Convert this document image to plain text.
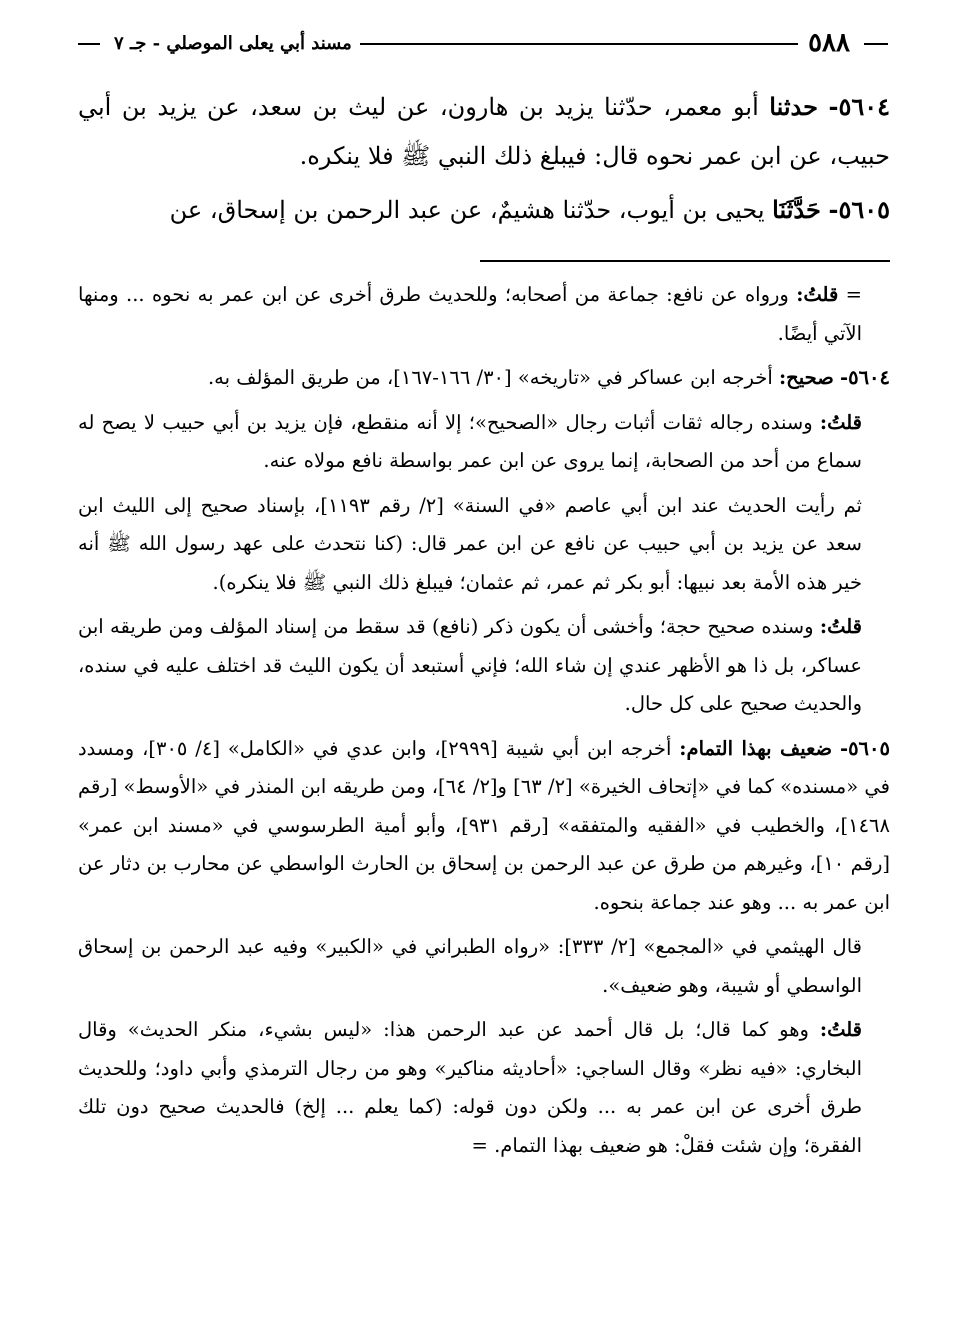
٥٨٨
مسند أبي يعلى الموصلي - جـ ٧

٥٦٠٤- حدثنا أبو معمر، حدّثنا يزيد بن هارون، عن ليث بن سعد، عن يزيد بن أبي حبيب، عن ابن عمر نحوه قال: فيبلغ ذلك النبي ﷺ فلا ينكره.

٥٦٠٥- حَدَّثَنَا يحيى بن أيوب، حدّثنا هشيمٌ، عن عبد الرحمن بن إسحاق، عن

= قلتُ: ورواه عن نافع: جماعة من أصحابه؛ وللحديث طرق أخرى عن ابن عمر به نحوه ... ومنها الآتي أيضًا.

٥٦٠٤- صحيح: أخرجه ابن عساكر في «تاريخه» [٣٠/ ١٦٦-١٦٧]، من طريق المؤلف به.

قلتُ: وسنده رجاله ثقات أثبات رجال «الصحيح»؛ إلا أنه منقطع، فإن يزيد بن أبي حبيب لا يصح له سماع من أحد من الصحابة، إنما يروى عن ابن عمر بواسطة نافع مولاه عنه.

ثم رأيت الحديث عند ابن أبي عاصم «في السنة» [٢/ رقم ١١٩٣]، بإسناد صحيح إلى الليث ابن سعد عن يزيد بن أبي حبيب عن نافع عن ابن عمر قال: (كنا نتحدث على عهد رسول الله ﷺ أنه خير هذه الأمة بعد نبيها: أبو بكر ثم عمر، ثم عثمان؛ فيبلغ ذلك النبي ﷺ فلا ينكره).

قلتُ: وسنده صحيح حجة؛ وأخشى أن يكون ذكر (نافع) قد سقط من إسناد المؤلف ومن طريقه ابن عساكر، بل ذا هو الأظهر عندي إن شاء الله؛ فإني أستبعد أن يكون الليث قد اختلف عليه في سنده، والحديث صحيح على كل حال.

٥٦٠٥- ضعيف بهذا التمام: أخرجه ابن أبي شيبة [٢٩٩٩]، وابن عدي في «الكامل» [٤/ ٣٠٥]، ومسدد في «مسنده» كما في «إتحاف الخيرة» [٢/ ٦٣] و[٢/ ٦٤]، ومن طريقه ابن المنذر في «الأوسط» [رقم ١٤٦٨]، والخطيب في «الفقيه والمتفقه» [رقم ٩٣١]، وأبو أمية الطرسوسي في «مسند ابن عمر» [رقم ١٠]، وغيرهم من طرق عن عبد الرحمن بن إسحاق بن الحارث الواسطي عن محارب بن دثار عن ابن عمر به ... وهو عند جماعة بنحوه.

قال الهيثمي في «المجمع» [٢/ ٣٣٣]: «رواه الطبراني في «الكبير» وفيه عبد الرحمن بن إسحاق الواسطي أو شيبة، وهو ضعيف».

قلتُ: وهو كما قال؛ بل قال أحمد عن عبد الرحمن هذا: «ليس بشيء، منكر الحديث» وقال البخاري: «فيه نظر» وقال الساجي: «أحاديثه مناكير» وهو من رجال الترمذي وأبي داود؛ وللحديث طرق أخرى عن ابن عمر به ... ولكن دون قوله: (كما يعلم ... إلخ) فالحديث صحيح دون تلك الفقرة؛ وإن شئت فقلْ: هو ضعيف بهذا التمام. =
